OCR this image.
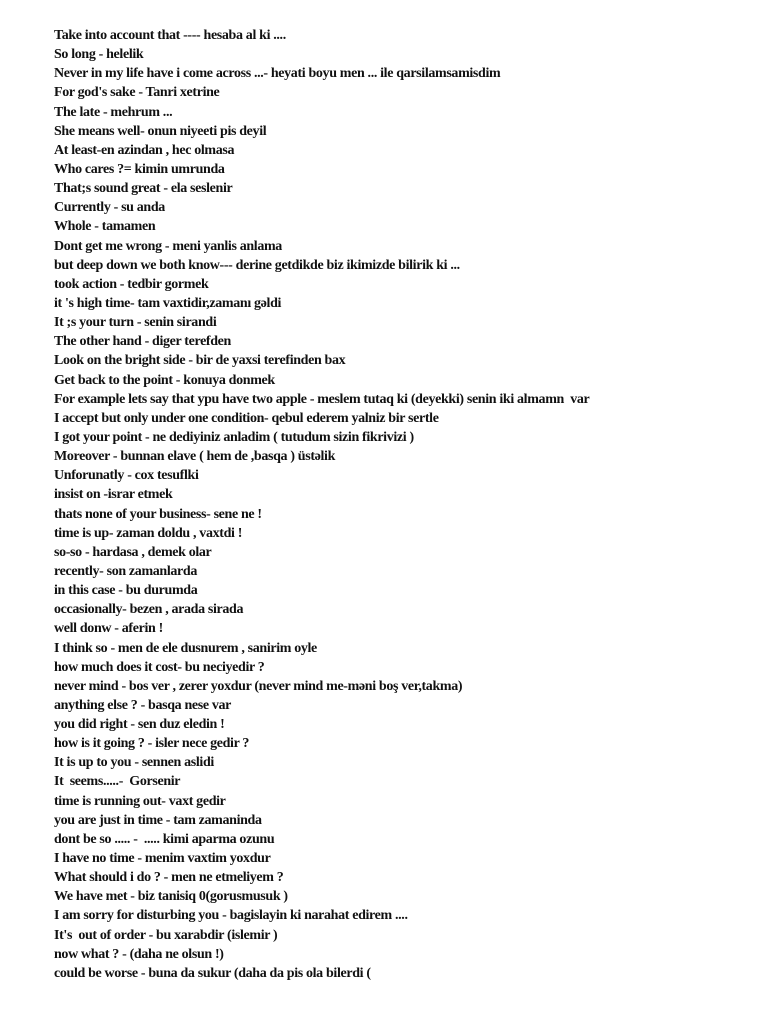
Take into account that ---- hesaba al ki ....
So long - helelik
Never in my life have i come across ...- heyati boyu men ... ile qarsilamsamisdim
For god's sake - Tanri xetrine
The late - mehrum ...
She means well- onun niyeeti pis deyil
At least-en azindan , hec olmasa
Who cares ?= kimin umrunda
That;s sound great - ela seslenir
Currently - su anda
Whole - tamamen
Dont get me wrong - meni yanlis anlama
but deep down we both know--- derine getdikde biz ikimizde bilirik ki ...
took action - tedbir gormek
it 's high time- tam vaxtidir,zamanı gəldi
It ;s your turn - senin sirandi
The other hand - diger terefden
Look on the bright side - bir de yaxsi terefinden bax
Get back to the point - konuya donmek
For example lets say that ypu have two apple - meslem tutaq ki (deyekki) senin iki almamn  var
I accept but only under one condition- qebul ederem yalniz bir sertle
I got your point - ne dediyiniz anladim ( tutudum sizin fikrivizi )
Moreover - bunnan elave ( hem de ,basqa ) üstəlik
Unforunatly - cox tesuflki
insist on -israr etmek
thats none of your business- sene ne !
time is up- zaman doldu , vaxtdi !
so-so - hardasa , demek olar
recently- son zamanlarda
in this case - bu durumda
occasionally- bezen , arada sirada
well donw - aferin !
I think so - men de ele dusnurem , sanirim oyle
how much does it cost- bu neciyedir ?
never mind - bos ver , zerer yoxdur (never mind me-məni boş ver,takma)
anything else ? - basqa nese var
you did right - sen duz eledin !
how is it going ? - isler nece gedir ?
It is up to you - sennen aslidi
It  seems.....-  Gorsenir
time is running out- vaxt gedir
you are just in time - tam zamaninda
dont be so ..... -  ..... kimi aparma ozunu
I have no time - menim vaxtim yoxdur
What should i do ? - men ne etmeliyem ?
We have met - biz tanisiq 0(gorusmusuk )
I am sorry for disturbing you - bagislayin ki narahat edirem ....
It's  out of order - bu xarabdir (islemir )
now what ? - (daha ne olsun !)
could be worse - buna da sukur (daha da pis ola bilerdi (
